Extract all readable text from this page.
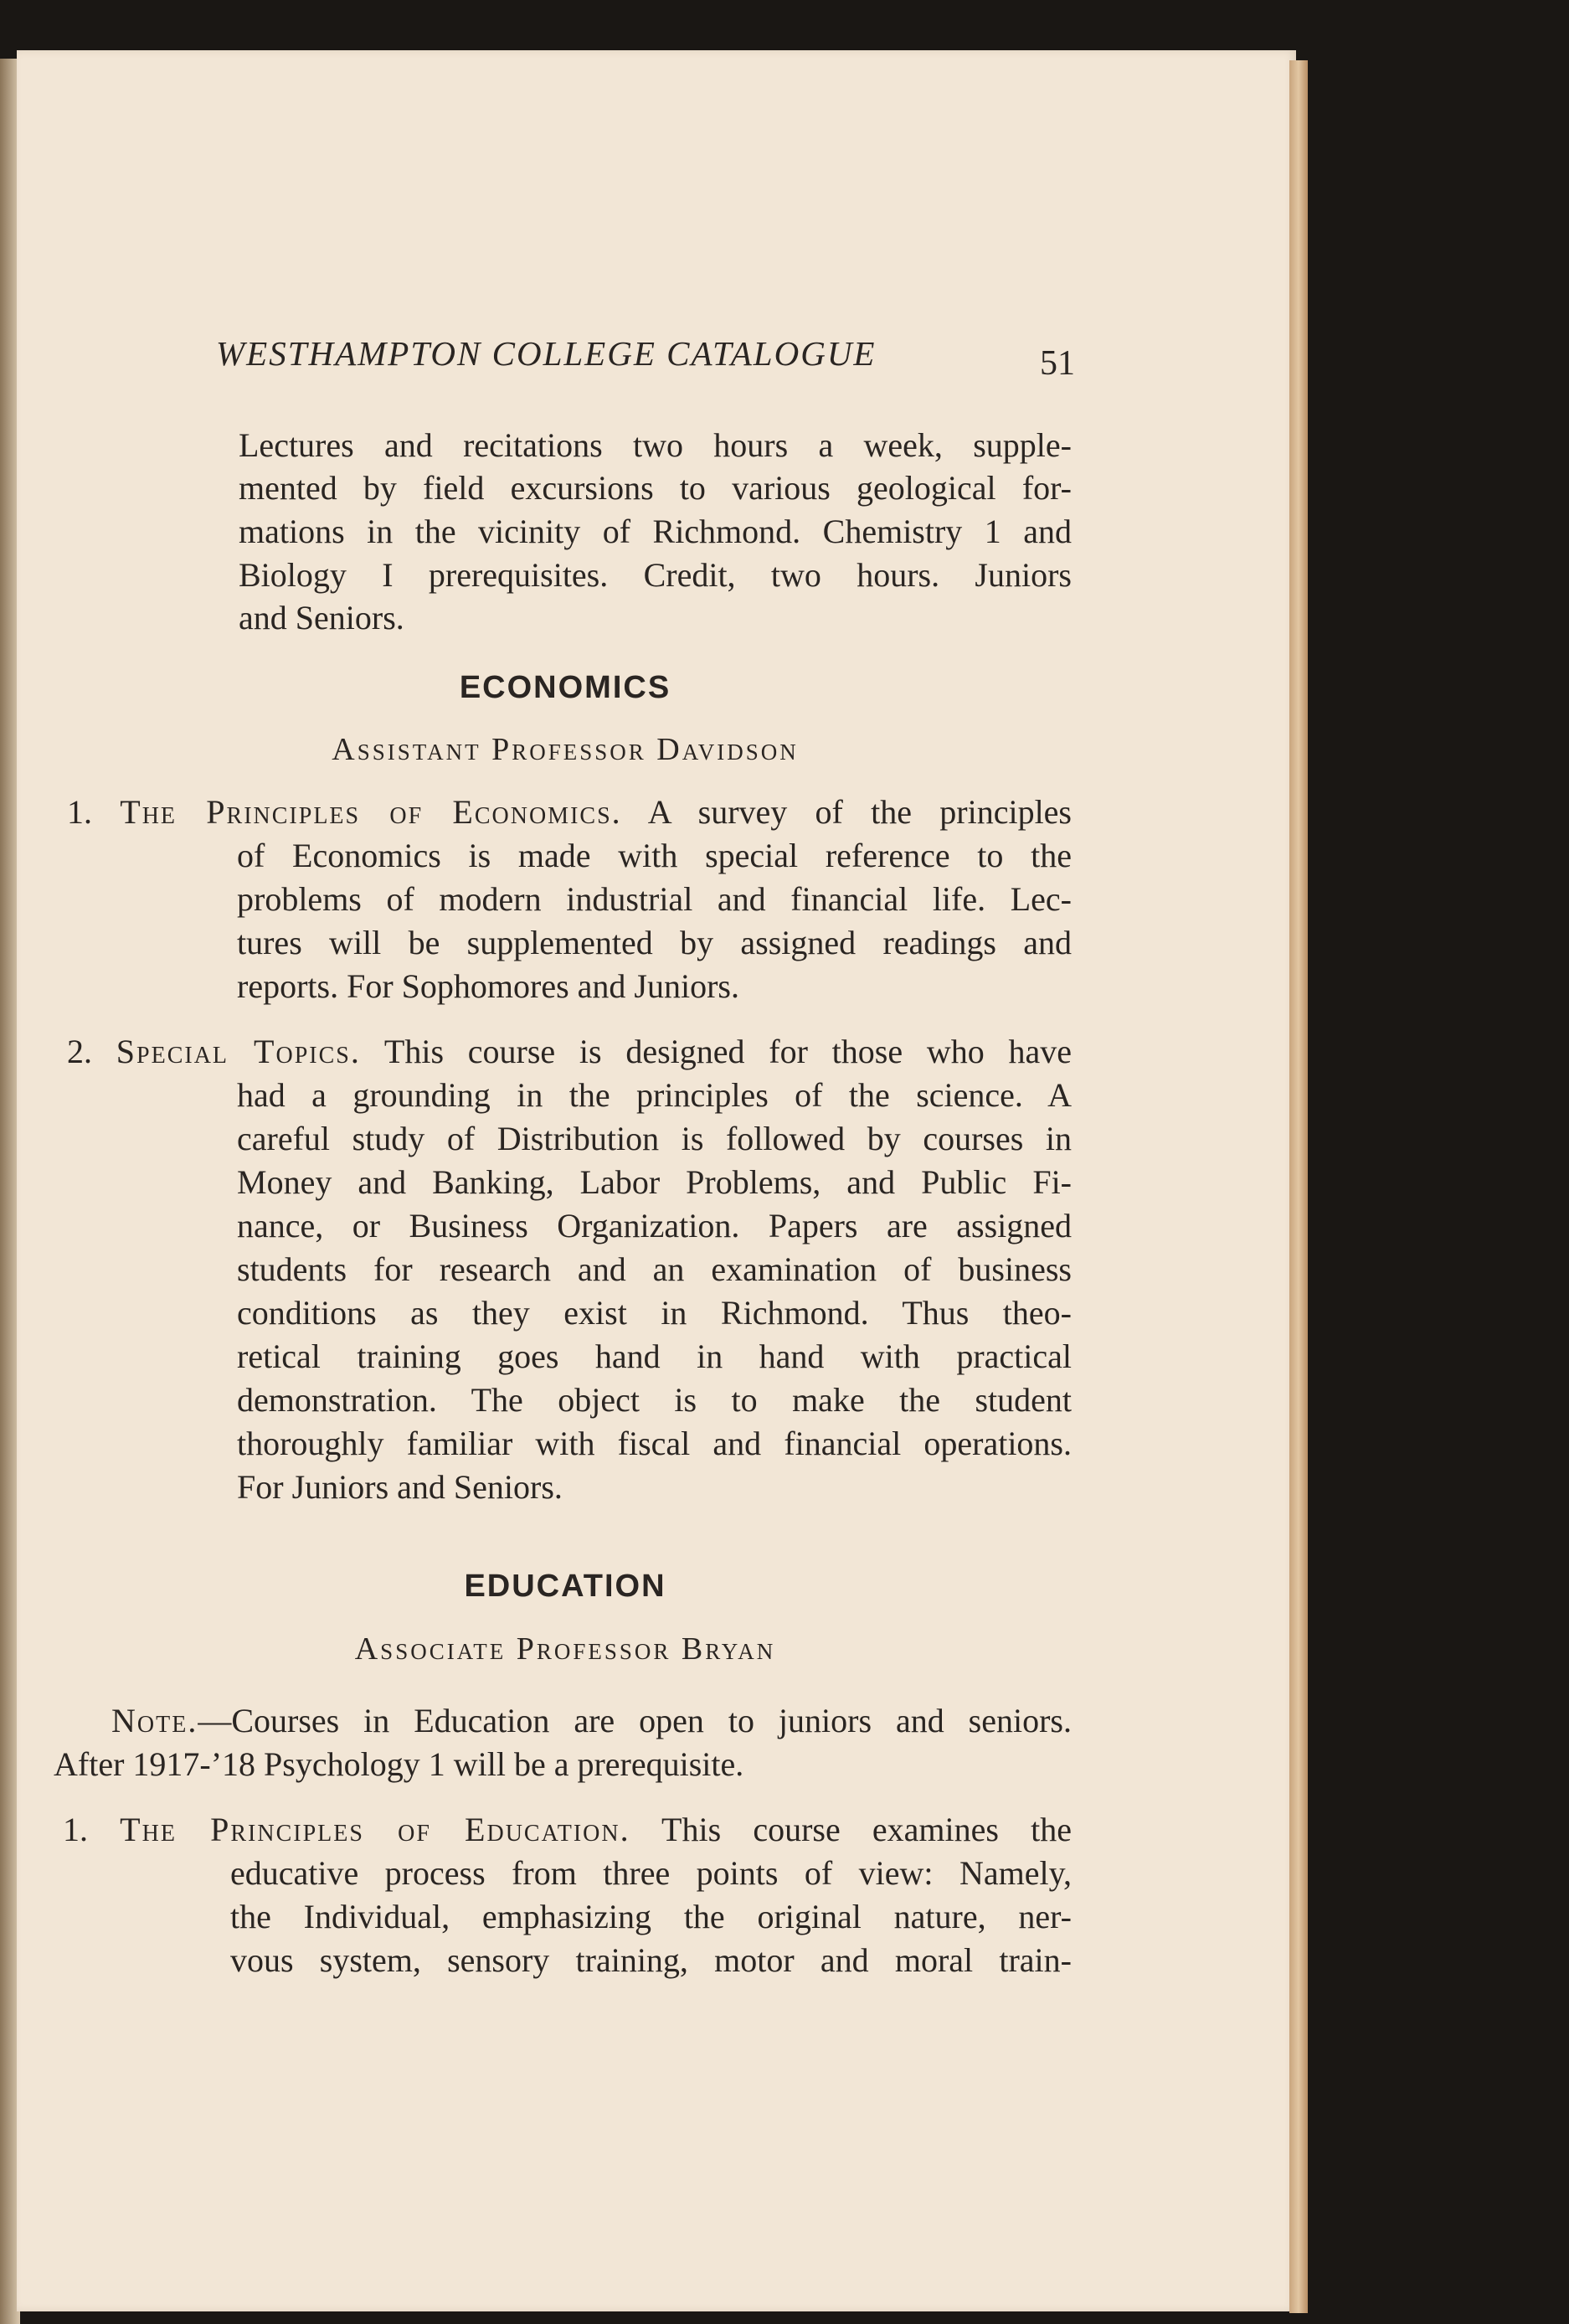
WESTHAMPTON COLLEGE CATALOGUE	51
Lectures and recitations two hours a week, supple-
mented by field excursions to various geological for-
mations in the vicinity of Richmond. Chemistry 1 and
Biology I prerequisites. Credit, two hours. Juniors
and Seniors.
ECONOMICS
Assistant Professor Davidson
1. The Principles of Economics. A survey of the principles
of Economics is made with special reference to the
problems of modern industrial and financial life. Lec-
tures will be supplemented by assigned readings and
reports. For Sophomores and Juniors.
2. Special Topics. This course is designed for those who have
had a grounding in the principles of the science. A
careful study of Distribution is followed by courses in
Money and Banking, Labor Problems, and Public Fi-
nance, or Business Organization. Papers are assigned
students for research and an examination of business
conditions as they exist in Richmond. Thus theo-
retical training goes hand in hand with practical
demonstration. The object is to make the student
thoroughly familiar with fiscal and financial operations.
For Juniors and Seniors.
EDUCATION
Associate Professor Bryan
Note.—Courses in Education are open to juniors and seniors.
After 1917-’18 Psychology 1 will be a prerequisite.
1. The Principles of Education. This course examines the
educative process from three points of view: Namely,
the Individual, emphasizing the original nature, ner-
vous system, sensory training, motor and moral train-
